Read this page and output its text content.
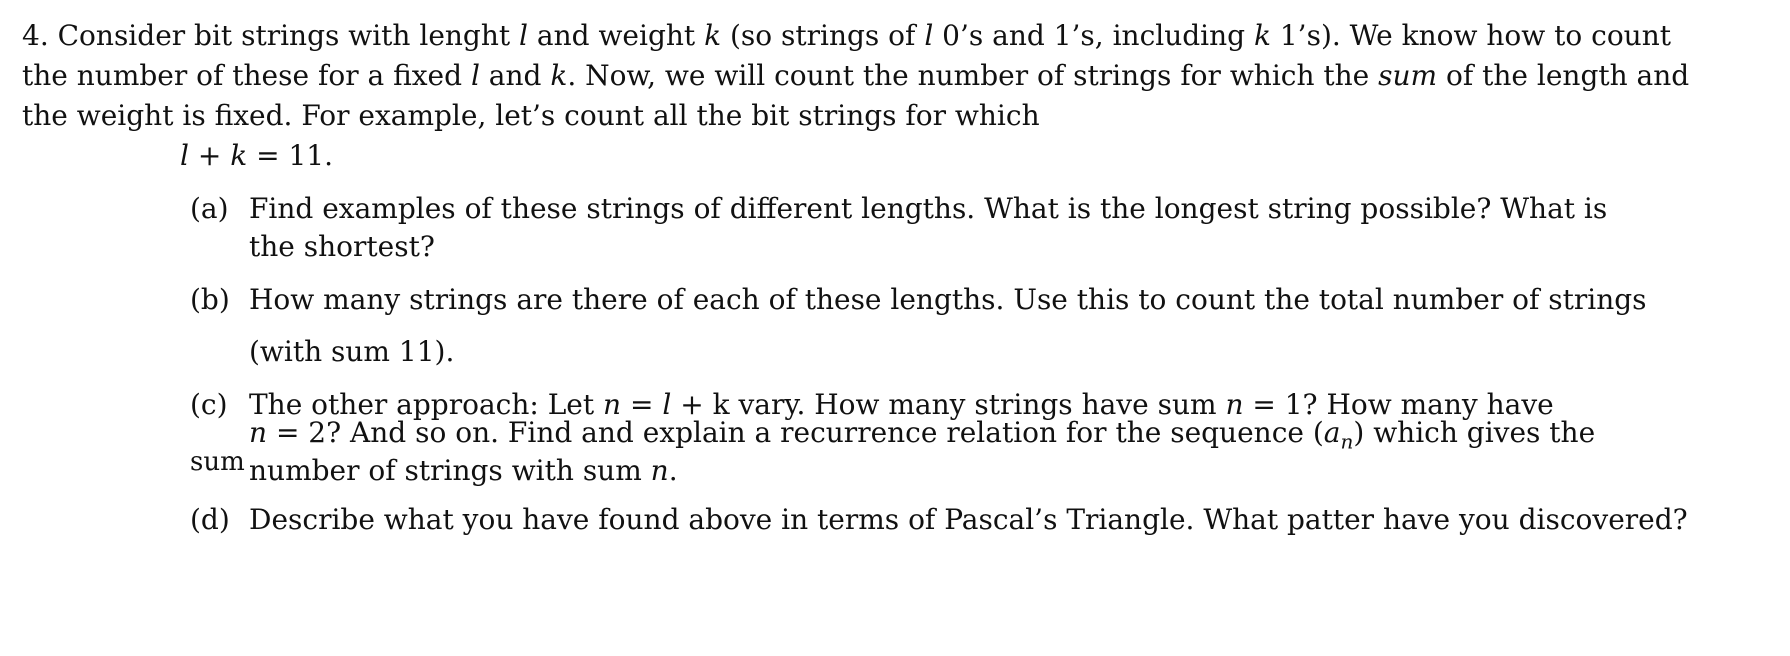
4. Consider bit strings with lenght l and weight k (so strings of l 0’s and 1’s, including k 1’s). We know how to count
the number of these for a fixed l and k. Now, we will count the number of strings for which the sum of the length and
the weight is fixed. For example, let’s count all the bit strings for which
l + k = 11.
(a) Find examples of these strings of different lengths. What is the longest string possible? What is
the shortest?
(b) How many strings are there of each of these lengths. Use this to count the total number of strings
(with sum 11).
(c) The other approach: Let n = l + k vary. How many strings have sum n = 1? How many have
n = 2? And so on. Find and explain a recurrence relation for the sequence $(a_n)$ which gives the
sum number of strings with sum n.
(d) Describe what you have found above in terms of Pascal’s Triangle. What patter have you discovered?
